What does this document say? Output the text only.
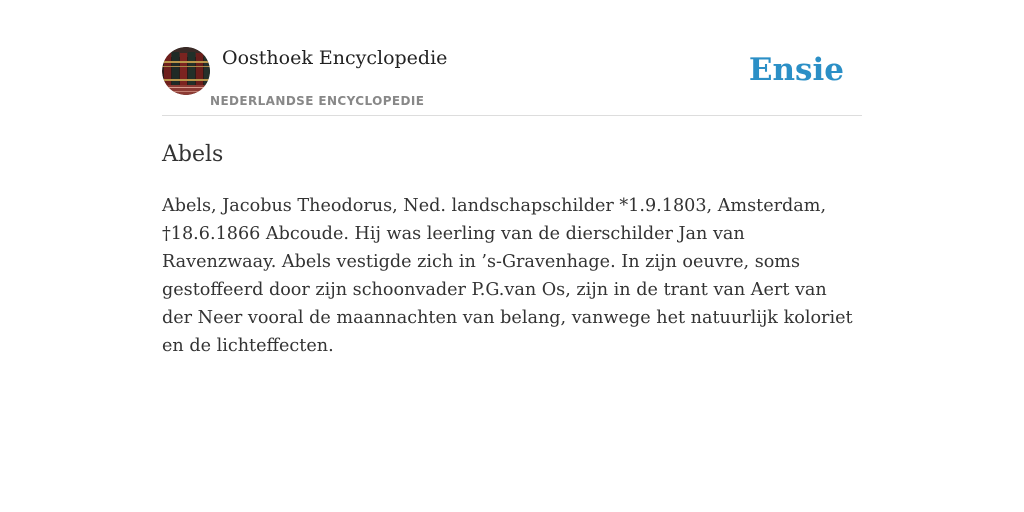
Oosthoek Encyclopedie
NEDERLANDSE ENCYCLOPEDIE
Ensie
Abels

Abels, Jacobus Theodorus, Ned. landschapschilder *1.9.1803, Amsterdam, †18.6.1866 Abcoude. Hij was leerling van de dierschilder Jan van Ravenzwaay. Abels vestigde zich in ’s-Gravenhage. In zijn oeuvre, soms gestoffeerd door zijn schoonvader P.G.van Os, zijn in de trant van Aert van der Neer vooral de maannachten van belang, vanwege het natuurlijk koloriet en de lichteffecten.
